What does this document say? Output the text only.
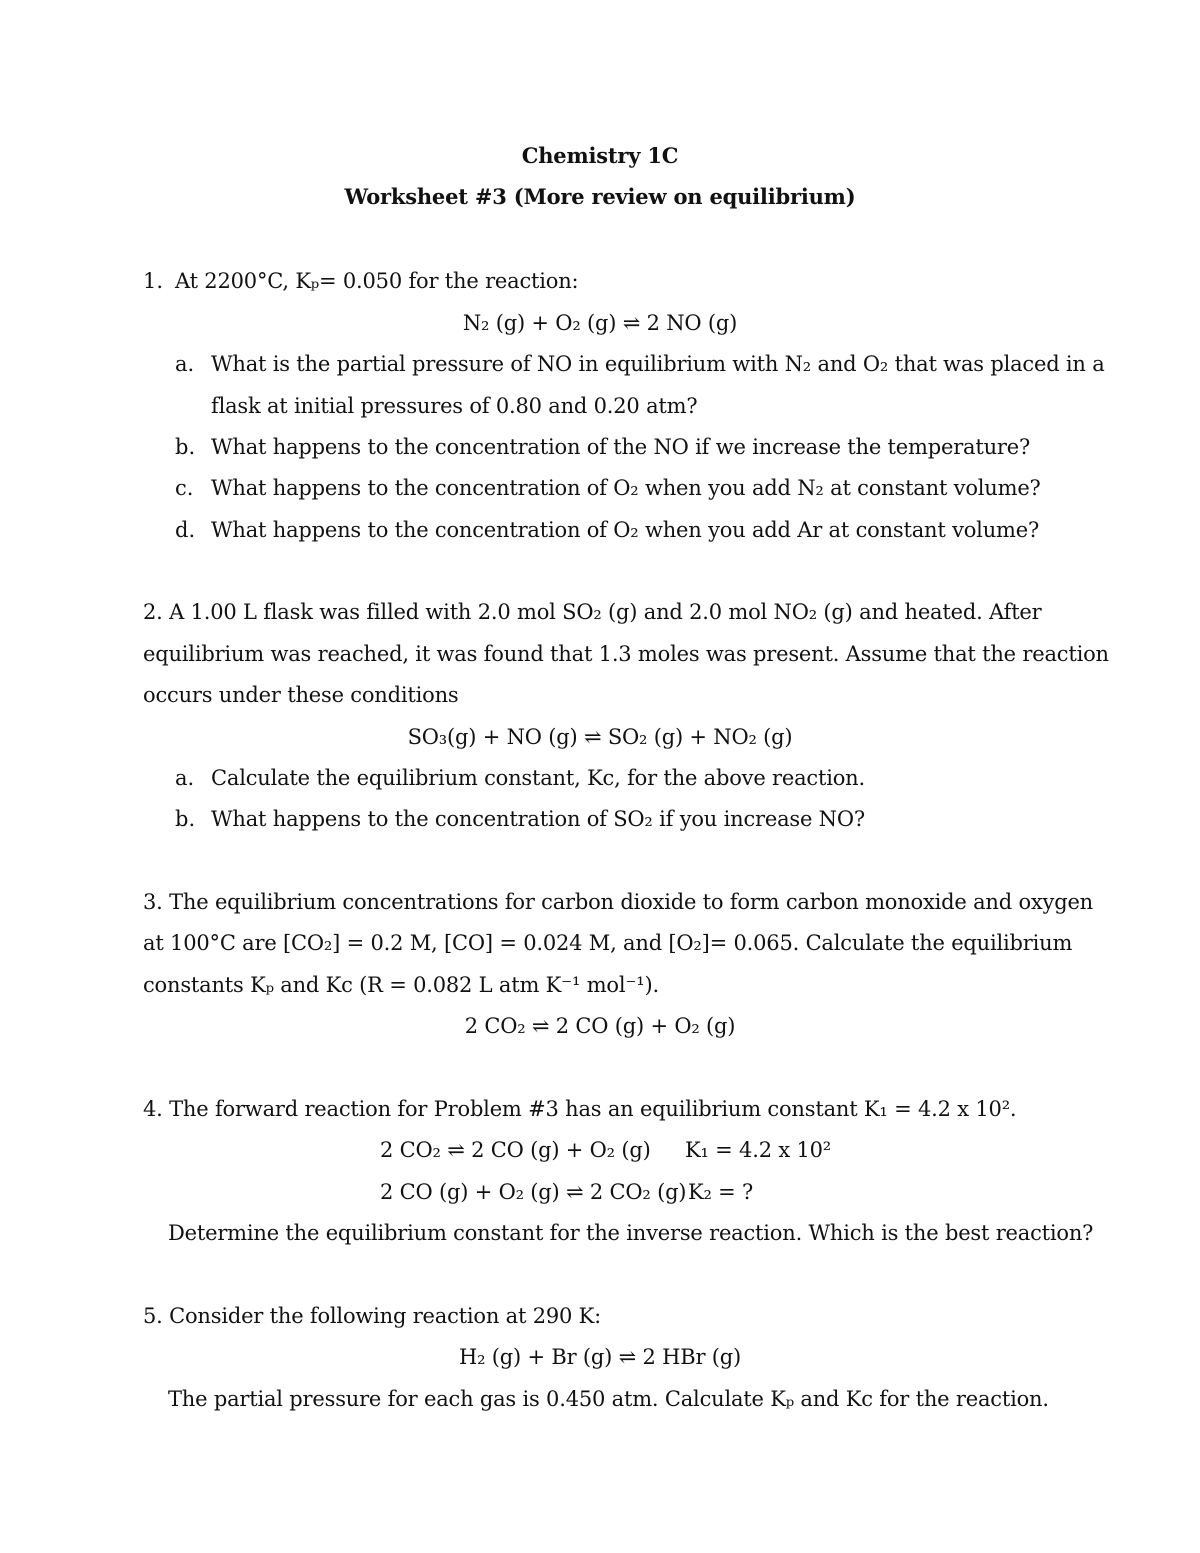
Chemistry 1C
Worksheet #3 (More review on equilibrium)
1. At 2200°C, Kₚ= 0.050 for the reaction:
N₂ (g) + O₂ (g) ⇌ 2 NO (g)
a. What is the partial pressure of NO in equilibrium with N₂ and O₂ that was placed in a
flask at initial pressures of 0.80 and 0.20 atm?
b. What happens to the concentration of the NO if we increase the temperature?
c. What happens to the concentration of O₂ when you add N₂ at constant volume?
d. What happens to the concentration of O₂ when you add Ar at constant volume?
2. A 1.00 L flask was filled with 2.0 mol SO₂ (g) and 2.0 mol NO₂ (g) and heated. After
equilibrium was reached, it was found that 1.3 moles was present. Assume that the reaction
occurs under these conditions
SO₃(g) + NO (g) ⇌ SO₂ (g) + NO₂ (g)
a. Calculate the equilibrium constant, Kc, for the above reaction.
b. What happens to the concentration of SO₂ if you increase NO?
3. The equilibrium concentrations for carbon dioxide to form carbon monoxide and oxygen
at 100°C are [CO₂] = 0.2 M, [CO] = 0.024 M, and [O₂]= 0.065. Calculate the equilibrium
constants Kₚ and Kc (R = 0.082 L atm K⁻¹ mol⁻¹).
2 CO₂ ⇌ 2 CO (g) + O₂ (g)
4. The forward reaction for Problem #3 has an equilibrium constant K₁ = 4.2 x 10².
2 CO₂ ⇌ 2 CO (g) + O₂ (g) K₁ = 4.2 x 10²
2 CO (g) + O₂ (g) ⇌ 2 CO₂ (g) K₂ = ?
Determine the equilibrium constant for the inverse reaction. Which is the best reaction?
5. Consider the following reaction at 290 K:
H₂ (g) + Br (g) ⇌ 2 HBr (g)
The partial pressure for each gas is 0.450 atm. Calculate Kₚ and Kc for the reaction.
